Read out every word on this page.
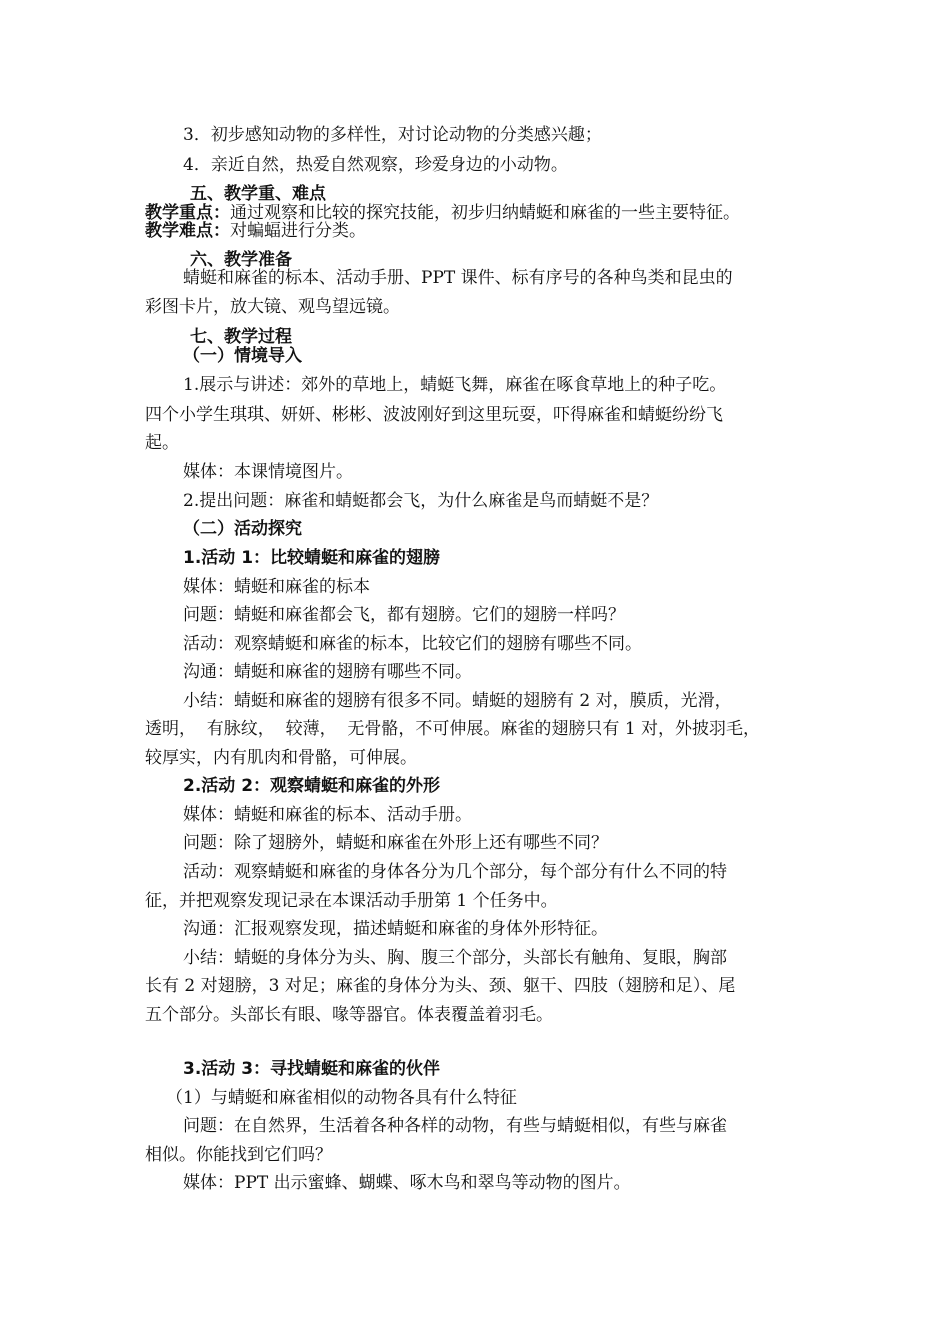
3．初步感知动物的多样性，对讨论动物的分类感兴趣；
4．亲近自然，热爱自然观察，珍爱身边的小动物。
五、教学重、难点
教学重点：通过观察和比较的探究技能，初步归纳蜻蜓和麻雀的一些主要特征。
教学难点：对蝙蝠进行分类。
六、教学准备
蜻蜓和麻雀的标本、活动手册、PPT 课件、标有序号的各种鸟类和昆虫的
彩图卡片，放大镜、观鸟望远镜。
七、教学过程
（一）情境导入
1.展示与讲述：郊外的草地上，蜻蜓飞舞，麻雀在啄食草地上的种子吃。
四个小学生琪琪、妍妍、彬彬、波波刚好到这里玩耍，吓得麻雀和蜻蜓纷纷飞
起。
媒体：本课情境图片。
2.提出问题：麻雀和蜻蜓都会飞，为什么麻雀是鸟而蜻蜓不是？
（二）活动探究
1.活动 1：比较蜻蜓和麻雀的翅膀
媒体：蜻蜓和麻雀的标本
问题：蜻蜓和麻雀都会飞，都有翅膀。它们的翅膀一样吗？
活动：观察蜻蜓和麻雀的标本，比较它们的翅膀有哪些不同。
沟通：蜻蜓和麻雀的翅膀有哪些不同。
小结：蜻蜓和麻雀的翅膀有很多不同。蜻蜓的翅膀有 2 对，膜质，光滑，
透明，  有脉纹，  较薄，  无骨骼，不可伸展。麻雀的翅膀只有 1 对，外披羽毛，
较厚实，内有肌肉和骨骼，可伸展。
2.活动 2：观察蜻蜓和麻雀的外形
媒体：蜻蜓和麻雀的标本、活动手册。
问题：除了翅膀外，蜻蜓和麻雀在外形上还有哪些不同？
活动：观察蜻蜓和麻雀的身体各分为几个部分，每个部分有什么不同的特
征，并把观察发现记录在本课活动手册第 1 个任务中。
沟通：汇报观察发现，描述蜻蜓和麻雀的身体外形特征。
小结：蜻蜓的身体分为头、胸、腹三个部分，头部长有触角、复眼，胸部
长有 2 对翅膀，3 对足；麻雀的身体分为头、颈、躯干、四肢（翅膀和足）、尾
五个部分。头部长有眼、喙等器官。体表覆盖着羽毛。
3.活动 3：寻找蜻蜓和麻雀的伙伴
（1）与蜻蜓和麻雀相似的动物各具有什么特征
问题：在自然界，生活着各种各样的动物，有些与蜻蜓相似，有些与麻雀
相似。你能找到它们吗？
媒体：PPT 出示蜜蜂、蝴蝶、啄木鸟和翠鸟等动物的图片。
